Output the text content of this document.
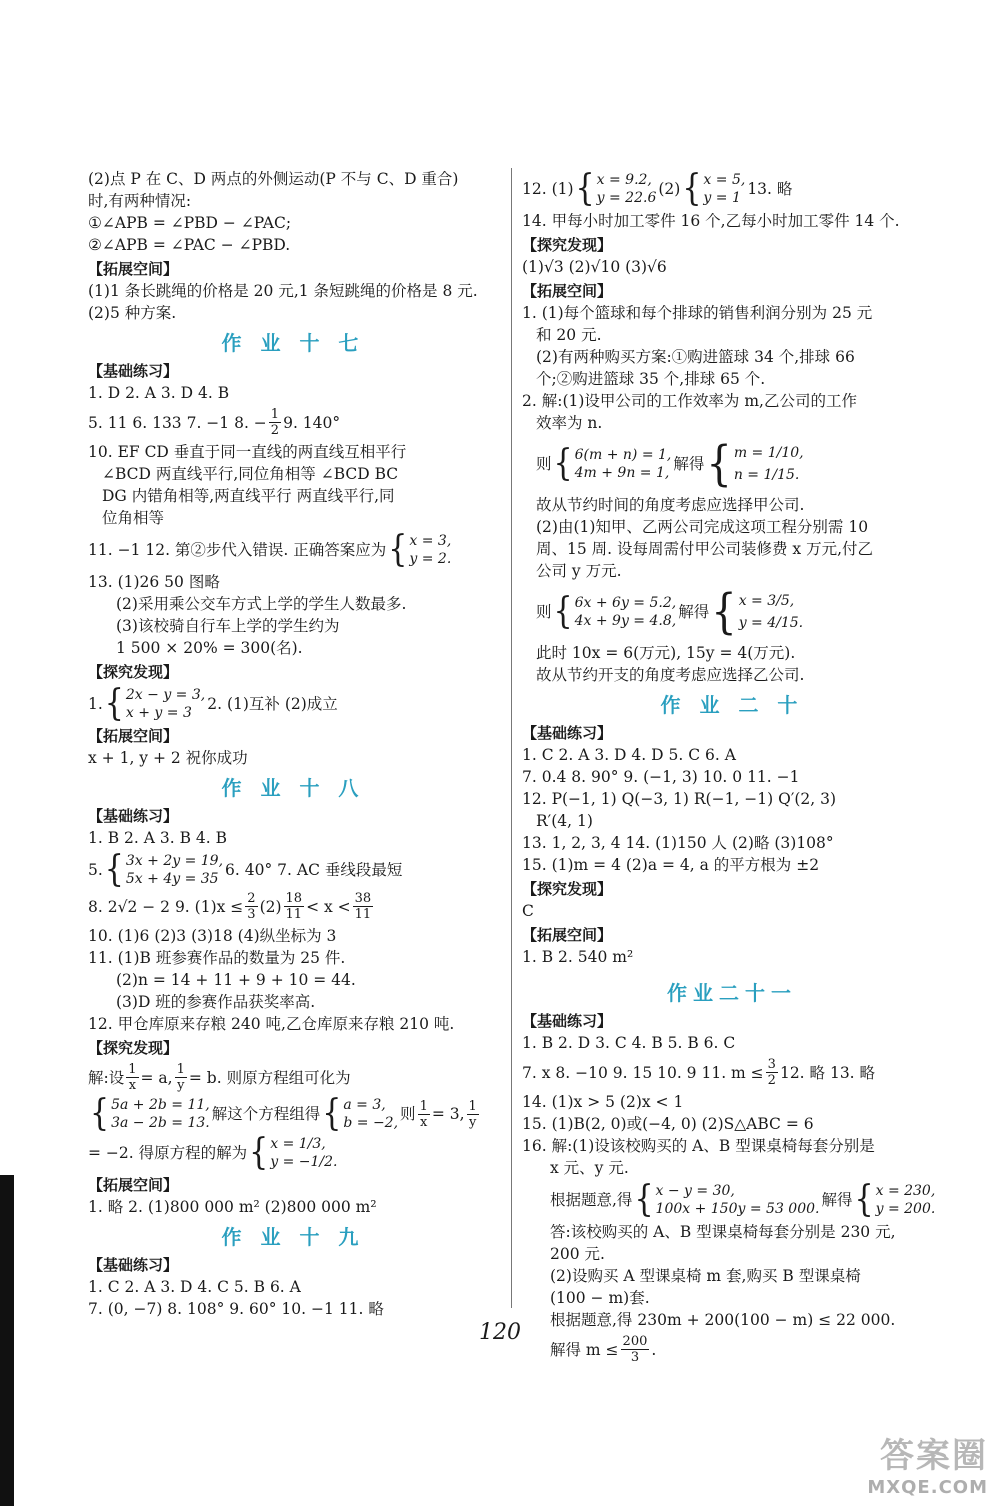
(2)点 P 在 C、D 两点的外侧运动(P 不与 C、D 重合)
时,有两种情况:
①∠APB = ∠PBD − ∠PAC;
②∠APB = ∠PAC − ∠PBD.
【拓展空间】
(1)1 条长跳绳的价格是 20 元,1 条短跳绳的价格是 8 元.
(2)5 种方案.
作 业 十 七
【基础练习】
1. D 2. A 3. D 4. B
5. 11 6. 133 7. −1 8. − $\frac{1}{2} 9$. 140°
10. EF CD 垂直于同一直线的两直线互相平行
∠BCD 两直线平行,同位角相等 ∠BCD BC
DG 内错角相等,两直线平行 两直线平行,同
位角相等
11. −1 12. 第②步代入错误. 正确答案应为 { x = 3,
y = 2.
13. (1)26 50 图略
(2)采用乘公交车方式上学的学生人数最多.
(3)该校骑自行车上学的学生约为
1 500 × 20% = 300(名).
【探究发现】
1. { 2x − y = 3,
x + y = 3 2. (1)互补 (2)成立
【拓展空间】
x + 1, y + 2 祝你成功
作 业 十 八
【基础练习】
1. B 2. A 3. B 4. B
5. { 3x + 2y = 19,
5x + 4y = 35 6. 40° 7. AC 垂线段最短
8. 2√2 − 2 9. $(1)x \le \frac{2}{3} (2) \frac{18}{11} < x < \frac{38}{11}$
10. (1)6 (2)3 (3)18 (4)纵坐标为 3
11. (1)B 班参赛作品的数量为 25 件.
(2)n = 14 + 11 + 9 + 10 = 44.
(3)D 班的参赛作品获奖率高.
12. 甲仓库原来存粮 240 吨,乙仓库原来存粮 210 吨.
【探究发现】
解:设 $\frac{1}{x} = a$, $\frac{1}{y} = b$. 则原方程组可化为
{ 5a + 2b = 11,
3a − 2b = 13. 解这个方程组得 { a = 3,
b = −2, 则 $\frac{1}{x} = 3$, $\frac{1}{y}$
= −2. 得原方程的解为 { x = 1/3,
y = −1/2.
【拓展空间】
1. 略 2. (1)800 000 m² (2)800 000 m²
作 业 十 九
【基础练习】
1. C 2. A 3. D 4. C 5. B 6. A
7. (0, −7) 8. 108° 9. 60° 10. −1 11. 略
12. (1) { x = 9.2,
y = 22.6 (2) { x = 5,
y = 1 13. 略
14. 甲每小时加工零件 16 个,乙每小时加工零件 14 个.
【探究发现】
(1)√3 (2)√10 (3)√6
【拓展空间】
1. (1)每个篮球和每个排球的销售利润分别为 25 元
和 20 元.
(2)有两种购买方案:①购进篮球 34 个,排球 66
个;②购进篮球 35 个,排球 65 个.
2. 解:(1)设甲公司的工作效率为 m,乙公司的工作
效率为 n.
则 { 6(m + n) = 1,
4m + 9n = 1, 解得 { m = 1/10,
n = 1/15.
故从节约时间的角度考虑应选择甲公司.
(2)由(1)知甲、乙两公司完成这项工程分别需 10
周、15 周. 设每周需付甲公司装修费 x 万元,付乙
公司 y 万元.
则 { 6x + 6y = 5.2,
4x + 9y = 4.8, 解得 { x = 3/5,
y = 4/15.
此时 10x = 6(万元), 15y = 4(万元).
故从节约开支的角度考虑应选择乙公司.
作 业 二 十
【基础练习】
1. C 2. A 3. D 4. D 5. C 6. A
7. 0.4 8. 90° 9. (−1, 3) 10. 0 11. −1
12. P(−1, 1) Q(−3, 1) R(−1, −1) Q′(2, 3)
R′(4, 1)
13. 1, 2, 3, 4 14. (1)150 人 (2)略 (3)108°
15. (1)m = 4 (2)a = 4, a 的平方根为 ±2
【探究发现】
C
【拓展空间】
1. B 2. 540 m²
作业二十一
【基础练习】
1. B 2. D 3. C 4. B 5. B 6. C
7. x 8. −10 9. 15 10. 9 11. $m \le \frac{3}{2} 12$. 略 13. 略
14. (1)x > 5 (2)x < 1
15. (1)B(2, 0)或(−4, 0) (2)S△ABC = 6
16. 解:(1)设该校购买的 A、B 型课桌椅每套分别是
x 元、y 元.
根据题意,得 { x − y = 30,
100x + 150y = 53 000. 解得 { x = 230,
y = 200.
答:该校购买的 A、B 型课桌椅每套分别是 230 元,
200 元.
(2)设购买 A 型课桌椅 m 套,购买 B 型课桌椅
(100 − m)套.
根据题意,得 230m + 200(100 − m) ≤ 22 000.
解得 $m \le \frac{200}{3}$ .
120
答案圈
MXQE.COM
